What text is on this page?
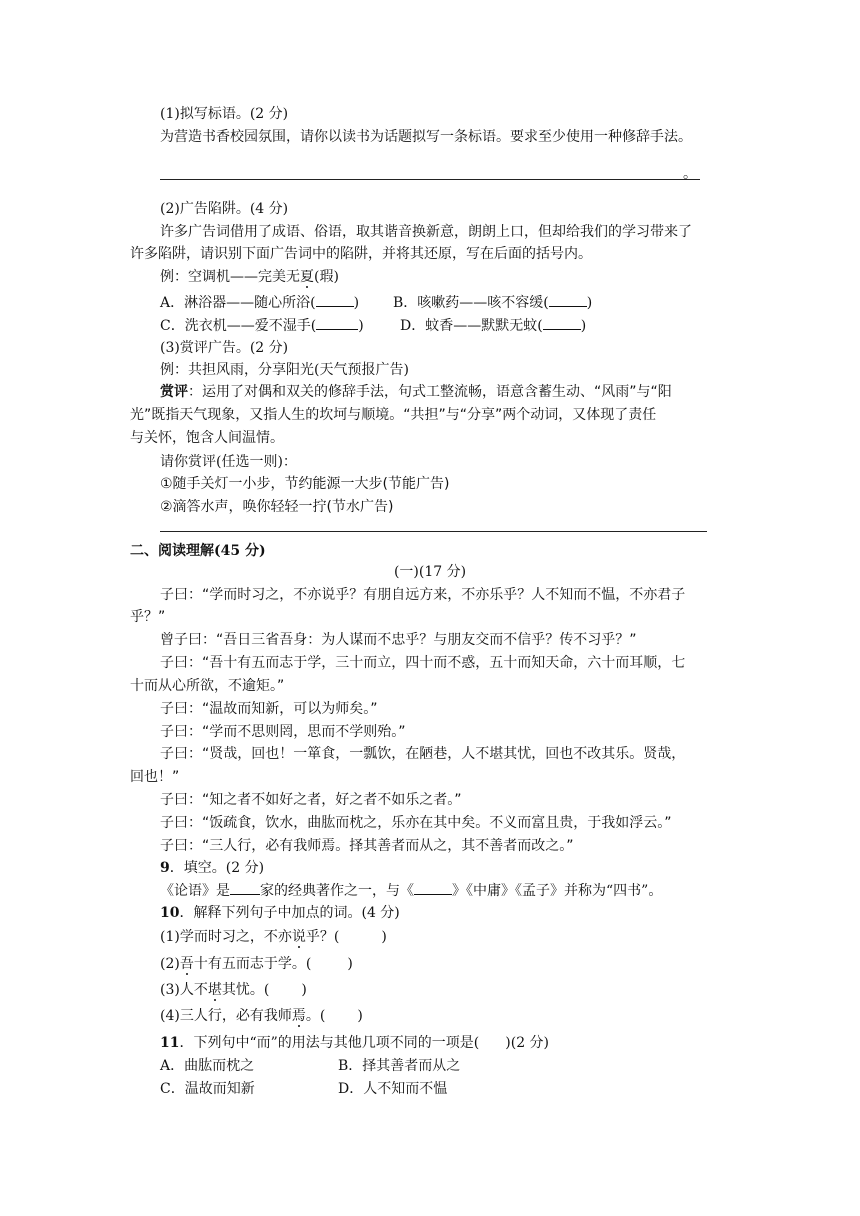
(1)拟写标语。(2 分)
为营造书香校园氛围，请你以读书为话题拟写一条标语。要求至少使用一种修辞手法。
。
(2)广告陷阱。(4 分)
许多广告词借用了成语、俗语，取其谐音换新意，朗朗上口，但却给我们的学习带来了
许多陷阱，请识别下面广告词中的陷阱，并将其还原，写在后面的括号内。
例：空调机——完美无夏(瑕)
A．淋浴器——随心所浴(	) B．咳嗽药——咳不容缓(	)
C．洗衣机——爱不湿手(	)	D．蚊香——默默无蚊(	)
(3)赏评广告。(2 分)
例：共担风雨，分享阳光(天气预报广告)
赏评：运用了对偶和双关的修辞手法，句式工整流畅，语意含蓄生动、“风雨”与“阳
光”既指天气现象，又指人生的坎坷与顺境。“共担”与“分享”两个动词，又体现了责任
与关怀，饱含人间温情。
请你赏评(任选一则)：
①随手关灯一小步，节约能源一大步(节能广告)
②滴答水声，唤你轻轻一拧(节水广告)
二、阅读理解(45 分)
(一)(17 分)
子曰：“学而时习之，不亦说乎？有朋自远方来，不亦乐乎？人不知而不愠，不亦君子
乎？”
曾子曰：“吾日三省吾身：为人谋而不忠乎？与朋友交而不信乎？传不习乎？”
子曰：“吾十有五而志于学，三十而立，四十而不惑，五十而知天命，六十而耳顺，七
十而从心所欲，不逾矩。”
子曰：“温故而知新，可以为师矣。”
子曰：“学而不思则罔，思而不学则殆。”
子曰：“贤哉，回也！一箪食，一瓢饮，在陋巷，人不堪其忧，回也不改其乐。贤哉，
回也！”
子曰：“知之者不如好之者，好之者不如乐之者。”
子曰：“饭疏食，饮水，曲肱而枕之，乐亦在其中矣。不义而富且贵，于我如浮云。”
子曰：“三人行，必有我师焉。择其善者而从之，其不善者而改之。”
9．填空。(2 分)
《论语》是 家的经典著作之一，与《	》《中庸》《孟子》并称为“四书”。
10．解释下列句子中加点的词。(4 分)
(1)学而时习之，不亦说乎？(	)
(2)吾十有五而志于学。(	)
(3)人不堪其忧。( )
(4)三人行，必有我师焉。( )
11．下列句中“而”的用法与其他几项不同的一项是( )(2 分)
A．曲肱而枕之	B．择其善者而从之
C．温故而知新	D．人不知而不愠
